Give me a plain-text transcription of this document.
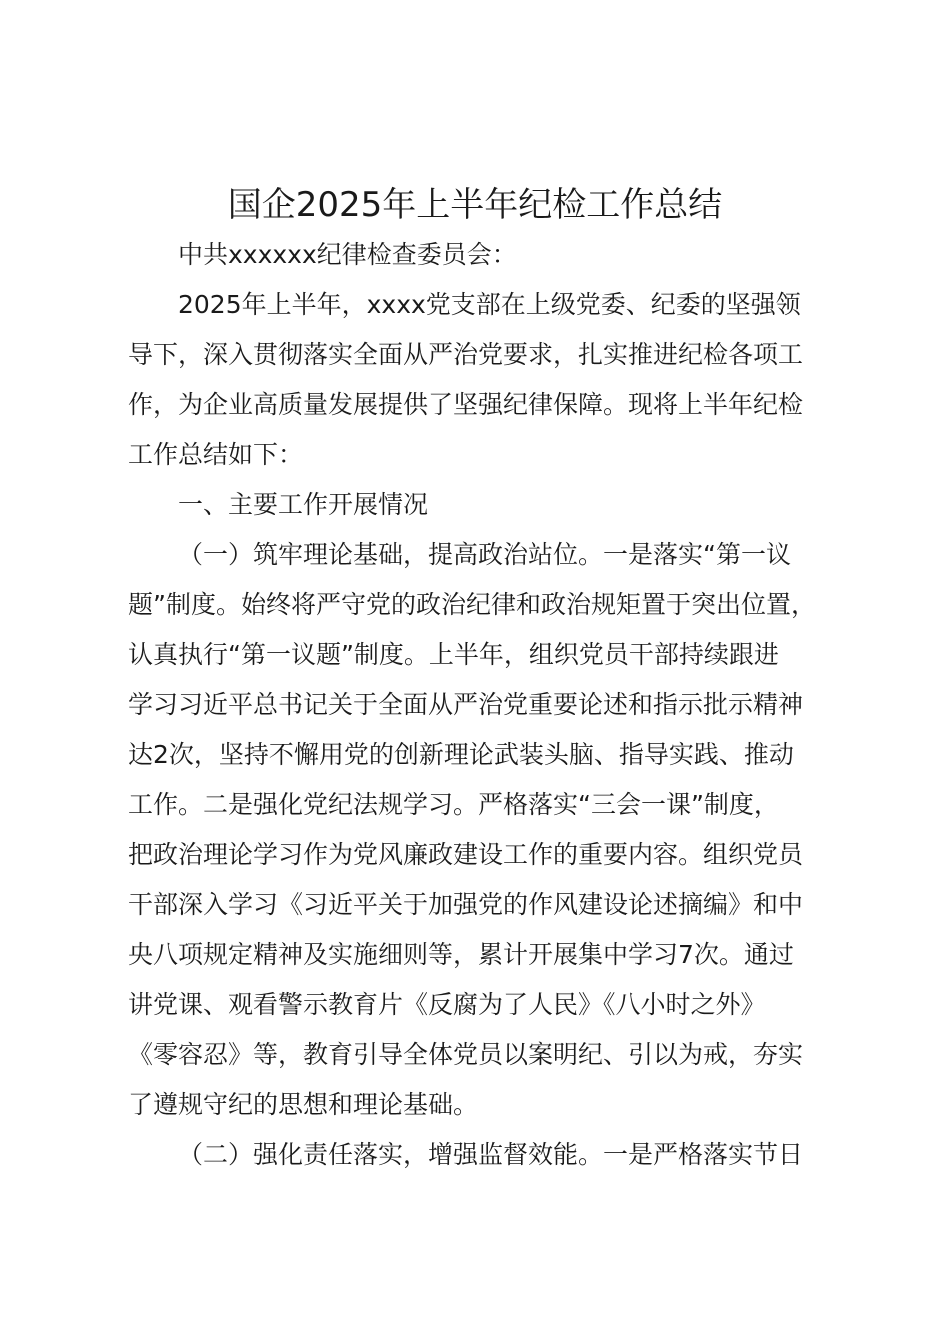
国企2025年上半年纪检工作总结

中共xxxxxx纪律检查委员会：

2025年上半年，xxxx党支部在上级党委、纪委的坚强领

导下，深入贯彻落实全面从严治党要求，扎实推进纪检各项工

作，为企业高质量发展提供了坚强纪律保障。现将上半年纪检

工作总结如下：

一、主要工作开展情况

（一）筑牢理论基础，提高政治站位。一是落实“第一议

题”制度。始终将严守党的政治纪律和政治规矩置于突出位置，

认真执行“第一议题”制度。上半年，组织党员干部持续跟进

学习习近平总书记关于全面从严治党重要论述和指示批示精神

达2次，坚持不懈用党的创新理论武装头脑、指导实践、推动

工作。二是强化党纪法规学习。严格落实“三会一课”制度，

把政治理论学习作为党风廉政建设工作的重要内容。组织党员

干部深入学习《习近平关于加强党的作风建设论述摘编》和中

央八项规定精神及实施细则等，累计开展集中学习7次。通过

讲党课、观看警示教育片《反腐为了人民》《八小时之外》

《零容忍》等，教育引导全体党员以案明纪、引以为戒，夯实

了遵规守纪的思想和理论基础。

（二）强化责任落实，增强监督效能。一是严格落实节日
